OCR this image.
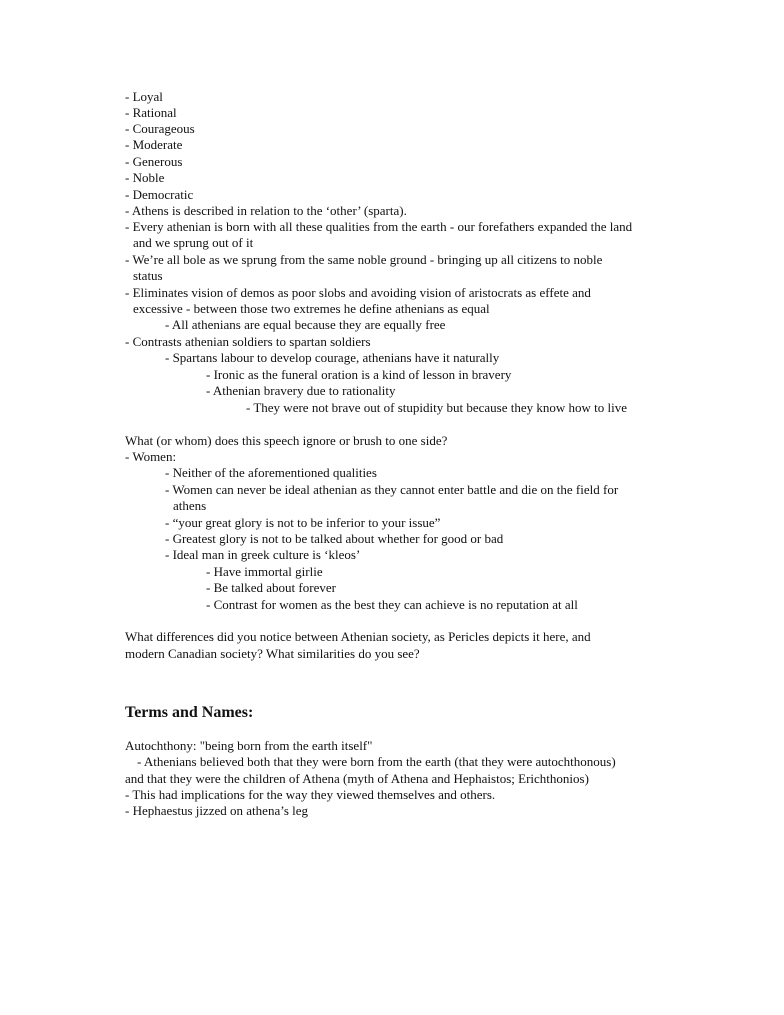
- Loyal
- Rational
- Courageous
- Moderate
- Generous
- Noble
- Democratic
- Athens is described in relation to the ‘other’ (sparta).
- Every athenian is born with all these qualities from the earth - our forefathers expanded the land
and we sprung out of it
- We’re all bole as we sprung from the same noble ground - bringing up all citizens to noble
status
- Eliminates vision of demos as poor slobs and avoiding vision of aristocrats as effete and
excessive - between those two extremes he define athenians as equal
- All athenians are equal because they are equally free
- Contrasts athenian soldiers to spartan soldiers
- Spartans labour to develop courage, athenians have it naturally
- Ironic as the funeral oration is a kind of lesson in bravery
- Athenian bravery due to rationality
- They were not brave out of stupidity but because they know how to live
What (or whom) does this speech ignore or brush to one side?
- Women:
- Neither of the aforementioned qualities
- Women can never be ideal athenian as they cannot enter battle and die on the field for
athens
- “your great glory is not to be inferior to your issue”
- Greatest glory is not to be talked about whether for good or bad
- Ideal man in greek culture is ‘kleos’
- Have immortal girlie
- Be talked about forever
- Contrast for women as the best they can achieve is no reputation at all
What differences did you notice between Athenian society, as Pericles depicts it here, and
modern Canadian society? What similarities do you see?
Terms and Names:
Autochthony: "being born from the earth itself"
- Athenians believed both that they were born from the earth (that they were autochthonous)
and that they were the children of Athena (myth of Athena and Hephaistos; Erichthonios)
- This had implications for the way they viewed themselves and others.
- Hephaestus jizzed on athena’s leg
